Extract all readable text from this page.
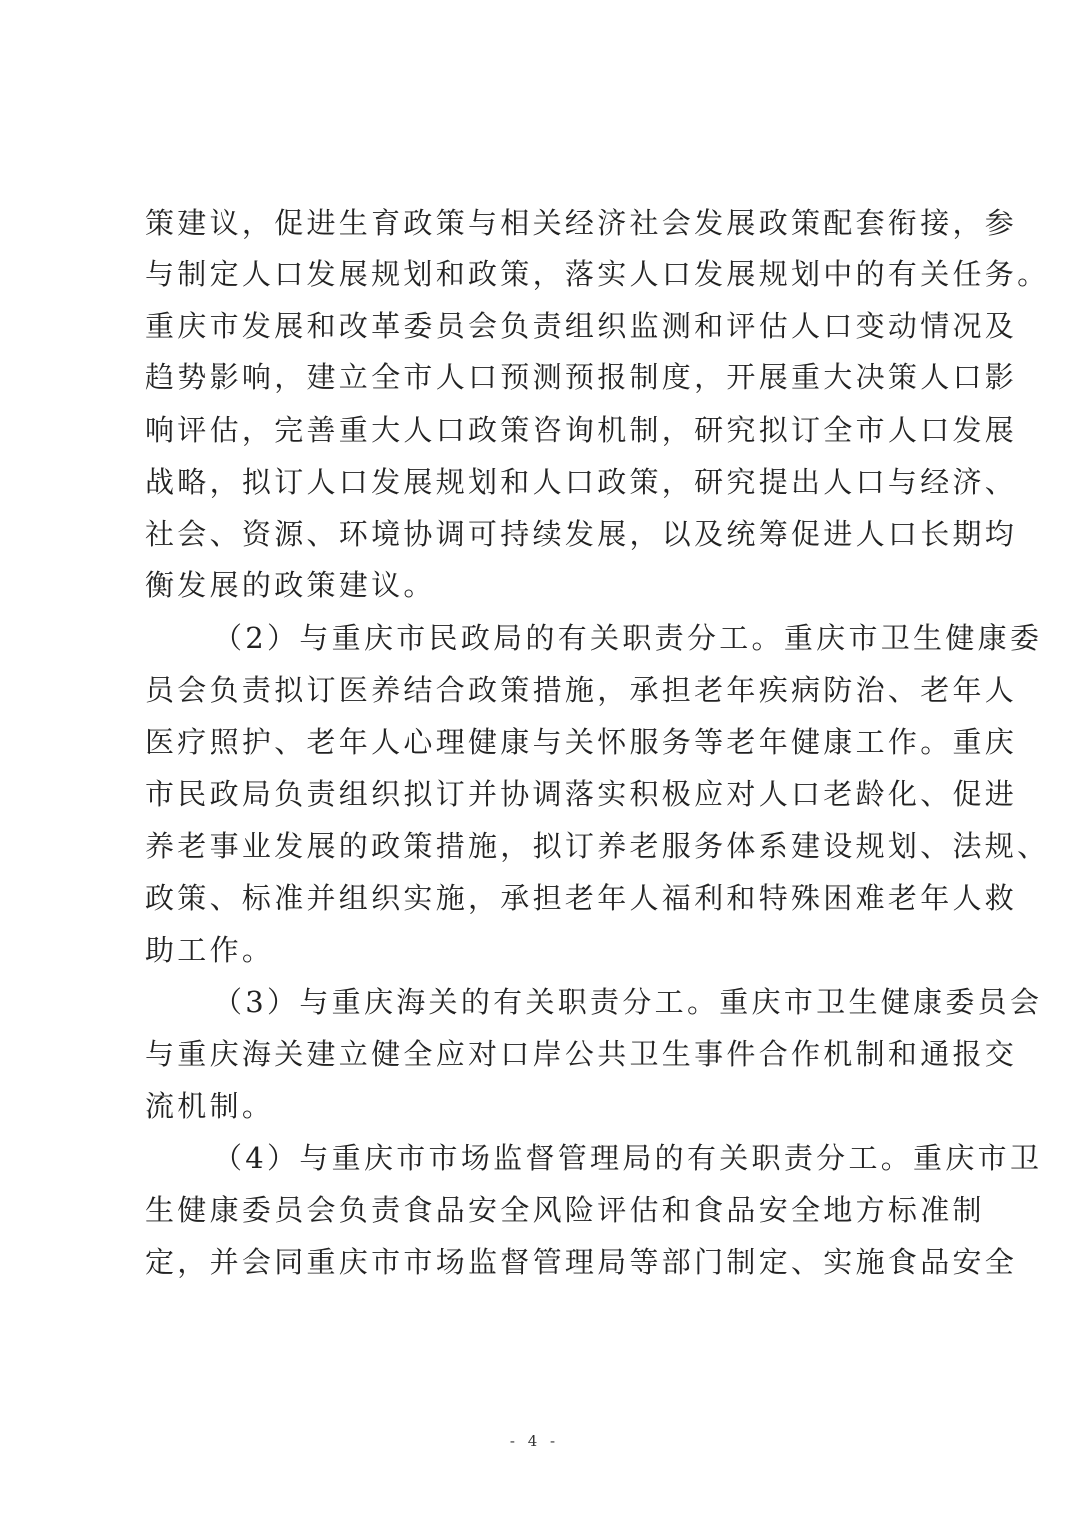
策建议，促进生育政策与相关经济社会发展政策配套衔接，参
与制定人口发展规划和政策，落实人口发展规划中的有关任务。
重庆市发展和改革委员会负责组织监测和评估人口变动情况及
趋势影响，建立全市人口预测预报制度，开展重大决策人口影
响评估，完善重大人口政策咨询机制，研究拟订全市人口发展
战略，拟订人口发展规划和人口政策，研究提出人口与经济、
社会、资源、环境协调可持续发展，以及统筹促进人口长期均
衡发展的政策建议。
（2）与重庆市民政局的有关职责分工。重庆市卫生健康委
员会负责拟订医养结合政策措施，承担老年疾病防治、老年人
医疗照护、老年人心理健康与关怀服务等老年健康工作。重庆
市民政局负责组织拟订并协调落实积极应对人口老龄化、促进
养老事业发展的政策措施，拟订养老服务体系建设规划、法规、
政策、标准并组织实施，承担老年人福利和特殊困难老年人救
助工作。
（3）与重庆海关的有关职责分工。重庆市卫生健康委员会
与重庆海关建立健全应对口岸公共卫生事件合作机制和通报交
流机制。
（4）与重庆市市场监督管理局的有关职责分工。重庆市卫
生健康委员会负责食品安全风险评估和食品安全地方标准制
定，并会同重庆市市场监督管理局等部门制定、实施食品安全
- 4 -
